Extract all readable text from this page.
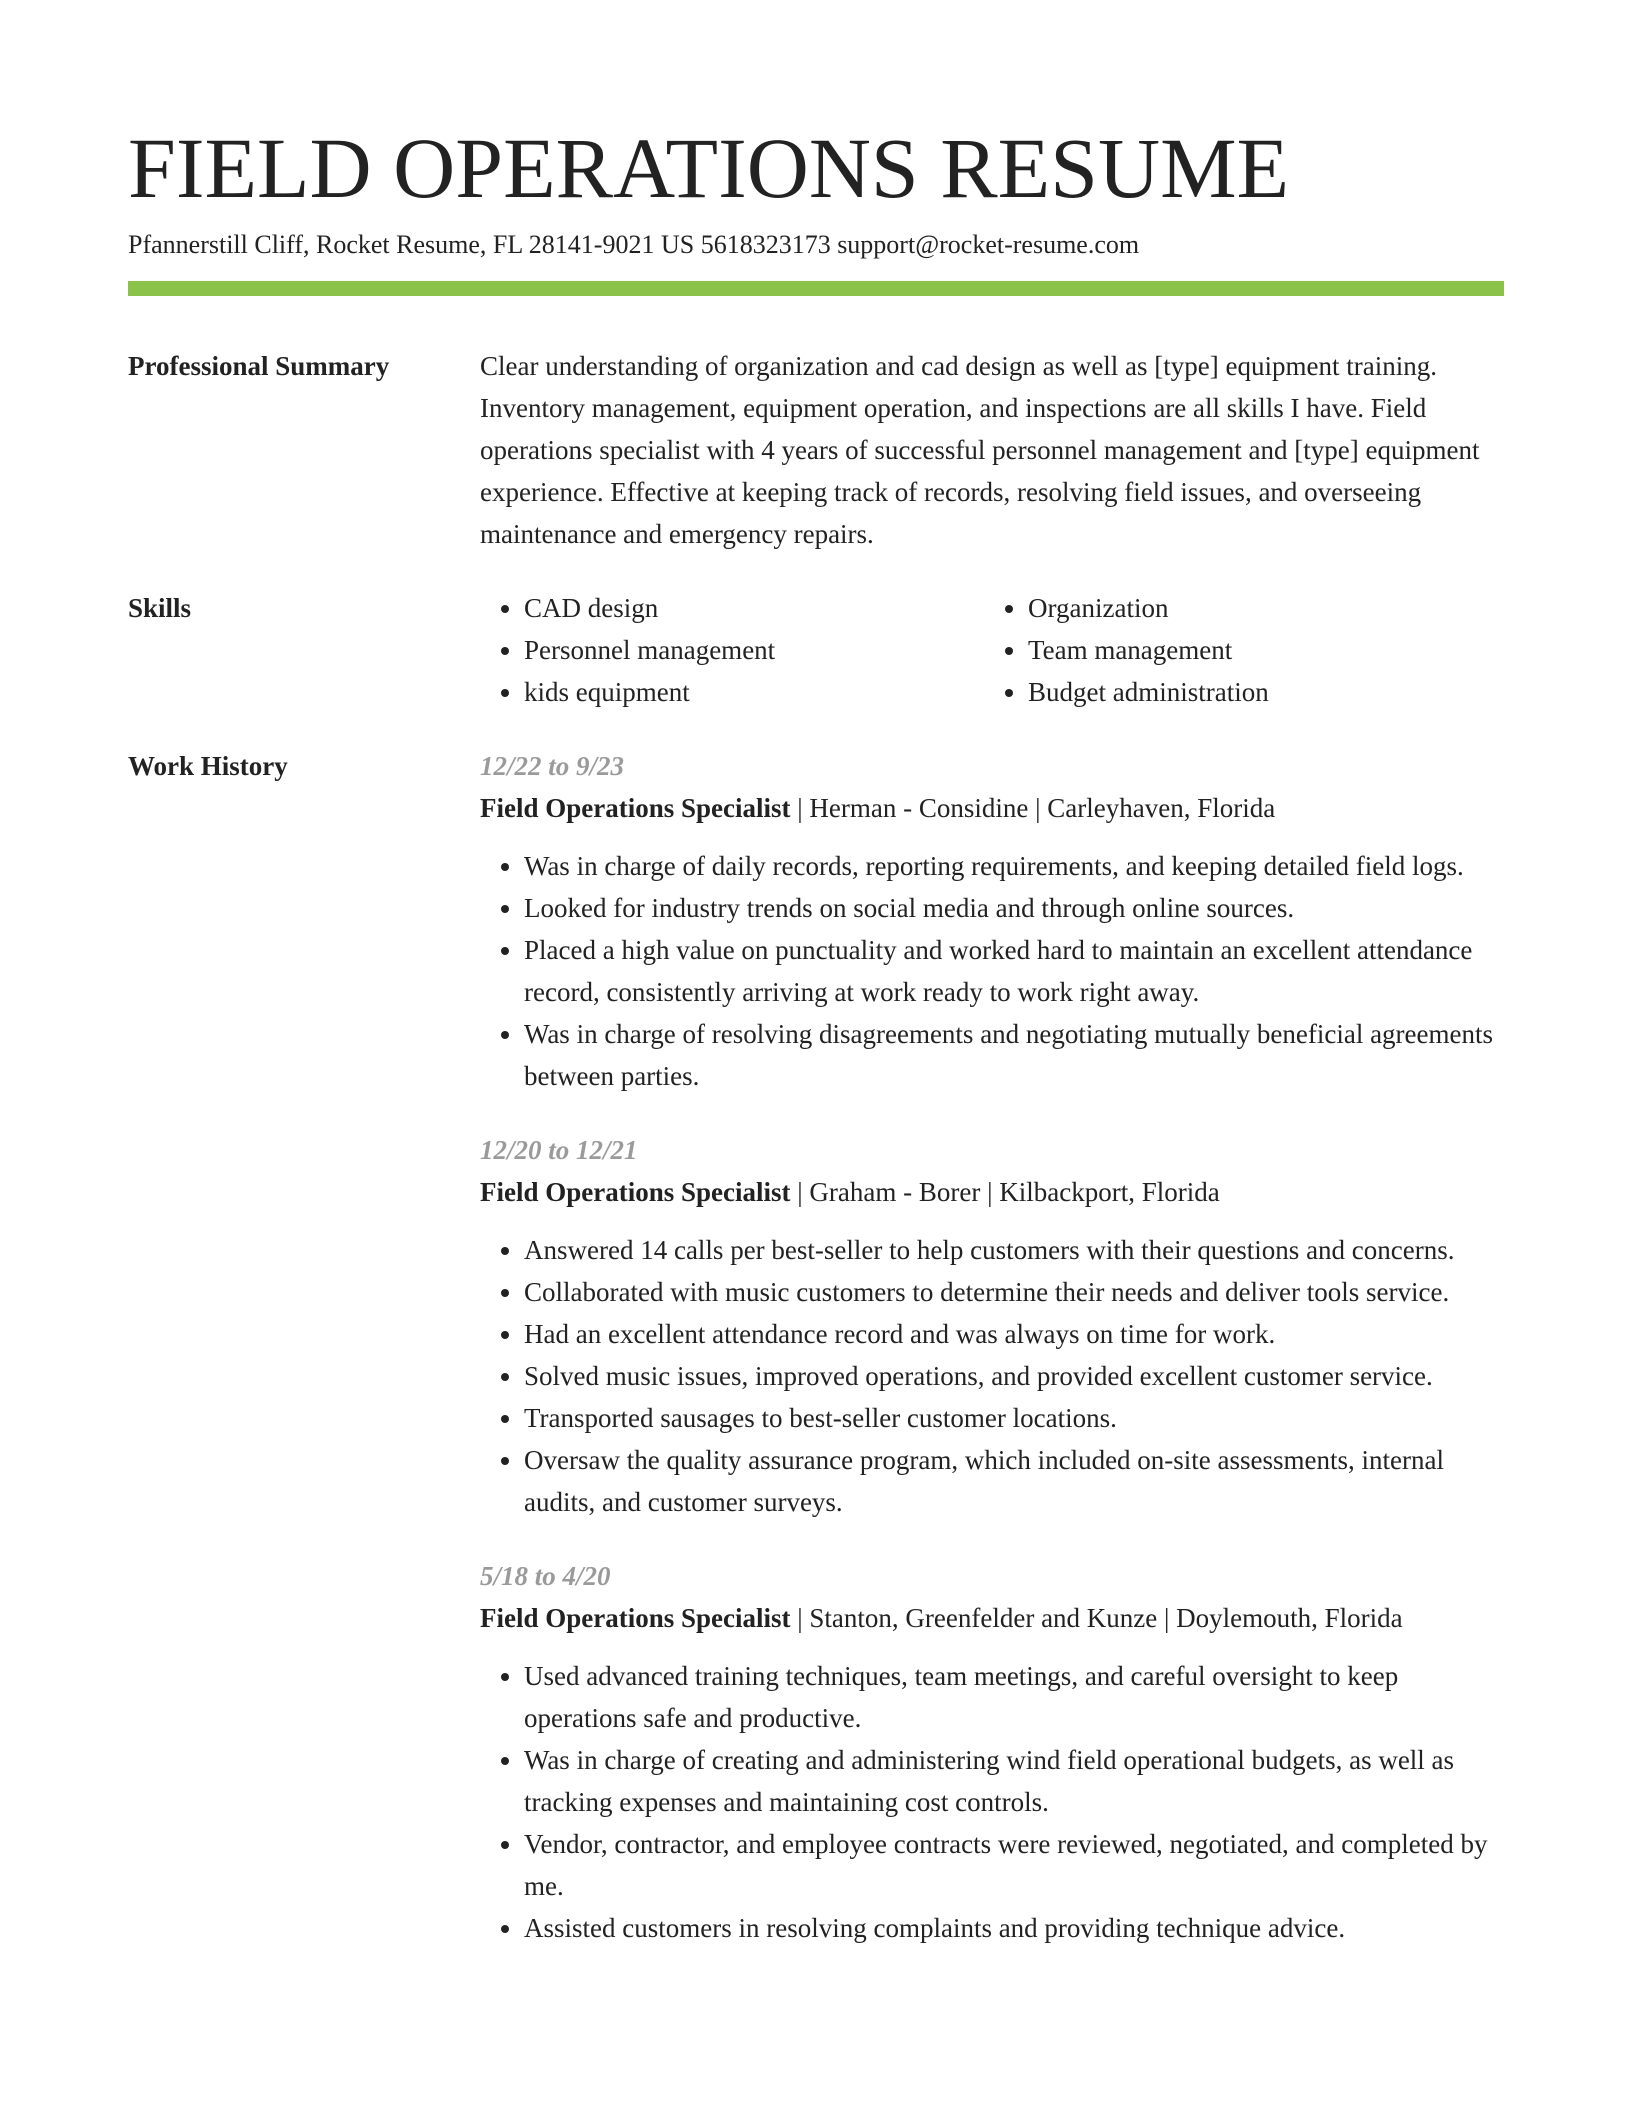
FIELD OPERATIONS RESUME
Pfannerstill Cliff, Rocket Resume, FL 28141-9021 US 5618323173 support@rocket-resume.com
Professional Summary	Clear understanding of organization and cad design as well as [type] equipment training. Inventory management, equipment operation, and inspections are all skills I have. Field operations specialist with 4 years of successful personnel management and [type] equipment experience. Effective at keeping track of records, resolving field issues, and overseeing maintenance and emergency repairs.
Skills
•	CAD design
• Personnel management
• kids equipment
• Organization
• Team management
• Budget administration
Work History	12/22 to 9/23
Field Operations Specialist | Herman - Considine | Carleyhaven, Florida
• Was in charge of daily records, reporting requirements, and keeping detailed field logs.
• Looked for industry trends on social media and through online sources.
• Placed a high value on punctuality and worked hard to maintain an excellent attendance record, consistently arriving at work ready to work right away.
• Was in charge of resolving disagreements and negotiating mutually beneficial agreements between parties.
12/20 to 12/21
Field Operations Specialist | Graham - Borer | Kilbackport, Florida
• Answered 14 calls per best-seller to help customers with their questions and concerns.
• Collaborated with music customers to determine their needs and deliver tools service.
• Had an excellent attendance record and was always on time for work.
• Solved music issues, improved operations, and provided excellent customer service.
• Transported sausages to best-seller customer locations.
• Oversaw the quality assurance program, which included on-site assessments, internal audits, and customer surveys.
5/18 to 4/20
Field Operations Specialist | Stanton, Greenfelder and Kunze | Doylemouth, Florida
• Used advanced training techniques, team meetings, and careful oversight to keep operations safe and productive.
• Was in charge of creating and administering wind field operational budgets, as well as tracking expenses and maintaining cost controls.
• Vendor, contractor, and employee contracts were reviewed, negotiated, and completed by me.
• Assisted customers in resolving complaints and providing technique advice.
